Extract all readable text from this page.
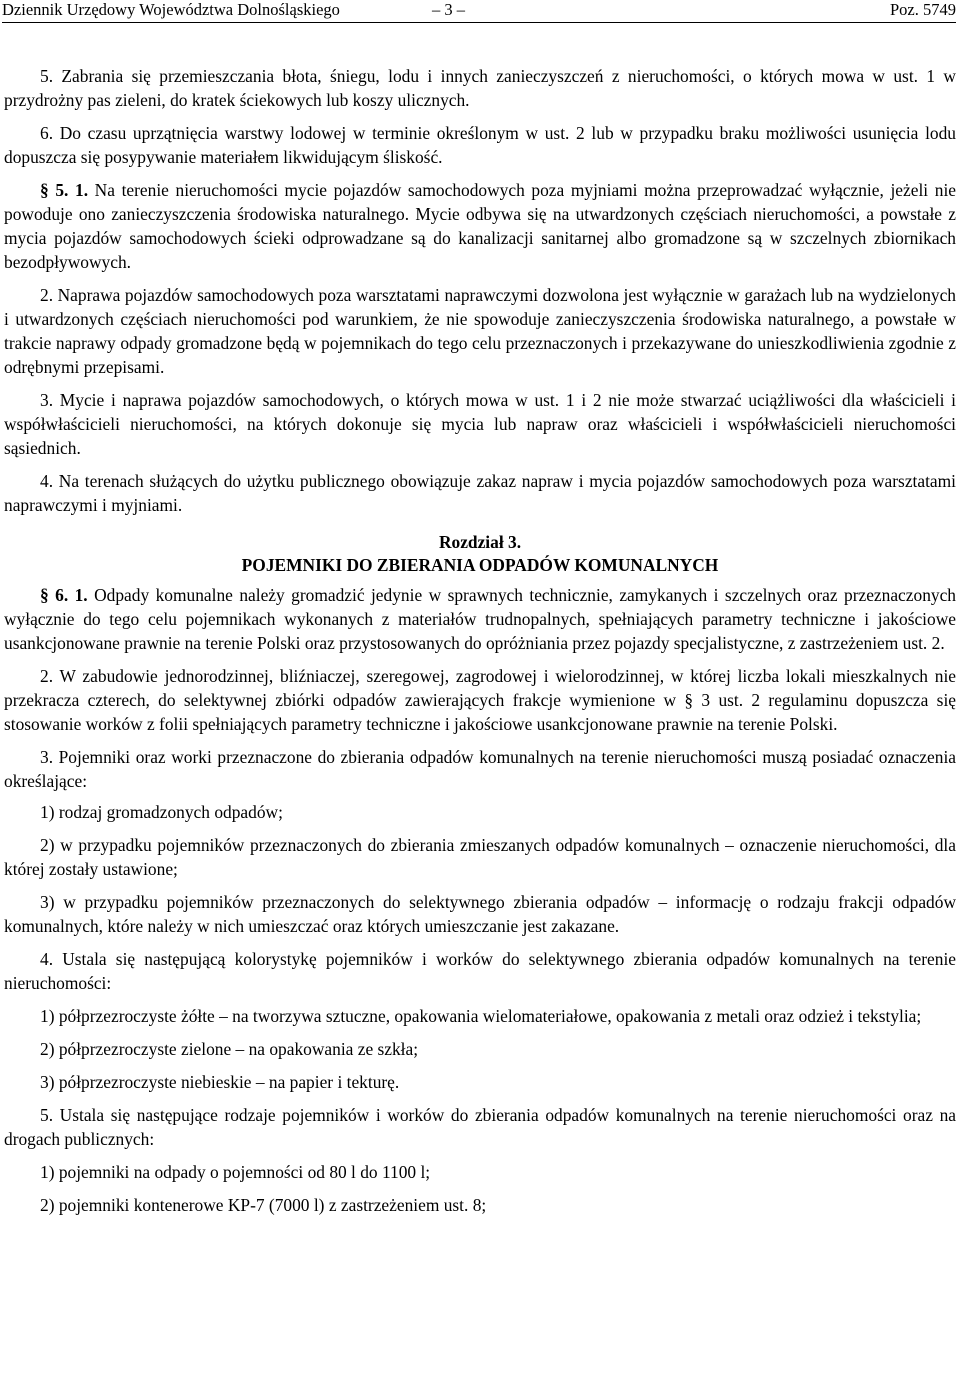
Dziennik Urzędowy Województwa Dolnośląskiego	– 3 –	Poz. 5749

5. Zabrania się przemieszczania błota, śniegu, lodu i innych zanieczyszczeń z nieruchomości, o których mowa w ust. 1 w przydrożny pas zieleni, do kratek ściekowych lub koszy ulicznych.

6. Do czasu uprzątnięcia warstwy lodowej w terminie określonym w ust. 2 lub w przypadku braku możliwości usunięcia lodu dopuszcza się posypywanie materiałem likwidującym śliskość.

§ 5. 1. Na terenie nieruchomości mycie pojazdów samochodowych poza myjniami można przeprowadzać wyłącznie, jeżeli nie powoduje ono zanieczyszczenia środowiska naturalnego. Mycie odbywa się na utwardzonych częściach nieruchomości, a powstałe z mycia pojazdów samochodowych ścieki odprowadzane są do kanalizacji sanitarnej albo gromadzone są w szczelnych zbiornikach bezodpływowych.

2. Naprawa pojazdów samochodowych poza warsztatami naprawczymi dozwolona jest wyłącznie w garażach lub na wydzielonych i utwardzonych częściach nieruchomości pod warunkiem, że nie spowoduje zanieczyszczenia środowiska naturalnego, a powstałe w trakcie naprawy odpady gromadzone będą w pojemnikach do tego celu przeznaczonych i przekazywane do unieszkodliwienia zgodnie z odrębnymi przepisami.

3. Mycie i naprawa pojazdów samochodowych, o których mowa w ust. 1 i 2 nie może stwarzać uciążliwości dla właścicieli i współwłaścicieli nieruchomości, na których dokonuje się mycia lub napraw oraz właścicieli i współwłaścicieli nieruchomości sąsiednich.

4. Na terenach służących do użytku publicznego obowiązuje zakaz napraw i mycia pojazdów samochodowych poza warsztatami naprawczymi i myjniami.

Rozdział 3.
POJEMNIKI DO ZBIERANIA ODPADÓW KOMUNALNYCH

§ 6. 1. Odpady komunalne należy gromadzić jedynie w sprawnych technicznie, zamykanych i szczelnych oraz przeznaczonych wyłącznie do tego celu pojemnikach wykonanych z materiałów trudnopalnych, spełniających parametry techniczne i jakościowe usankcjonowane prawnie na terenie Polski oraz przystosowanych do opróżniania przez pojazdy specjalistyczne, z zastrzeżeniem ust. 2.

2. W zabudowie jednorodzinnej, bliźniaczej, szeregowej, zagrodowej i wielorodzinnej, w której liczba lokali mieszkalnych nie przekracza czterech, do selektywnej zbiórki odpadów zawierających frakcje wymienione w § 3 ust. 2 regulaminu dopuszcza się stosowanie worków z folii spełniających parametry techniczne i jakościowe usankcjonowane prawnie na terenie Polski.

3. Pojemniki oraz worki przeznaczone do zbierania odpadów komunalnych na terenie nieruchomości muszą posiadać oznaczenia określające:

1) rodzaj gromadzonych odpadów;

2) w przypadku pojemników przeznaczonych do zbierania zmieszanych odpadów komunalnych – oznaczenie nieruchomości, dla której zostały ustawione;

3) w przypadku pojemników przeznaczonych do selektywnego zbierania odpadów – informację o rodzaju frakcji odpadów komunalnych, które należy w nich umieszczać oraz których umieszczanie jest zakazane.

4. Ustala się następującą kolorystykę pojemników i worków do selektywnego zbierania odpadów komunalnych na terenie nieruchomości:

1) półprzezroczyste żółte – na tworzywa sztuczne, opakowania wielomateriałowe, opakowania z metali oraz odzież i tekstylia;

2) półprzezroczyste zielone – na opakowania ze szkła;

3) półprzezroczyste niebieskie – na papier i tekturę.

5. Ustala się następujące rodzaje pojemników i worków do zbierania odpadów komunalnych na terenie nieruchomości oraz na drogach publicznych:

1) pojemniki na odpady o pojemności od 80 l do 1100 l;

2) pojemniki kontenerowe KP-7 (7000 l) z zastrzeżeniem ust. 8;
